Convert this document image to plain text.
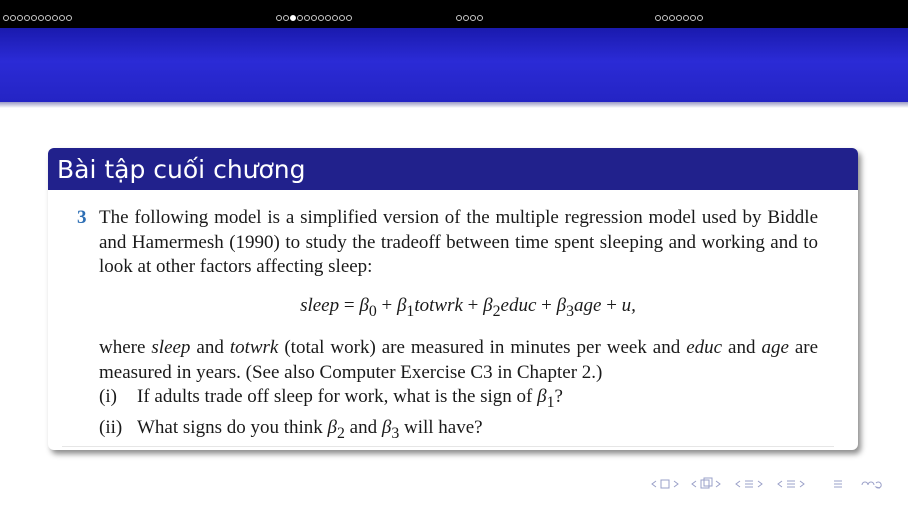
Bài tập cuối chương
3 The following model is a simplified version of the multiple regression model used by Biddle and Hamermesh (1990) to study the tradeoff between time spent sleeping and working and to look at other factors affecting sleep:
sleep = $\beta_0$ + $\beta_1totwrk$ + $\beta_2educ + \beta_3age + u$,
where sleep and totwrk (total work) are measured in minutes per week and educ and age are measured in years. (See also Computer Exercise C3 in Chapter 2.)
(i)	If adults trade off sleep for work, what is the sign of $\beta_1$?
(ii) What signs do you think $\beta_2$ and $\beta_3$ will have?
